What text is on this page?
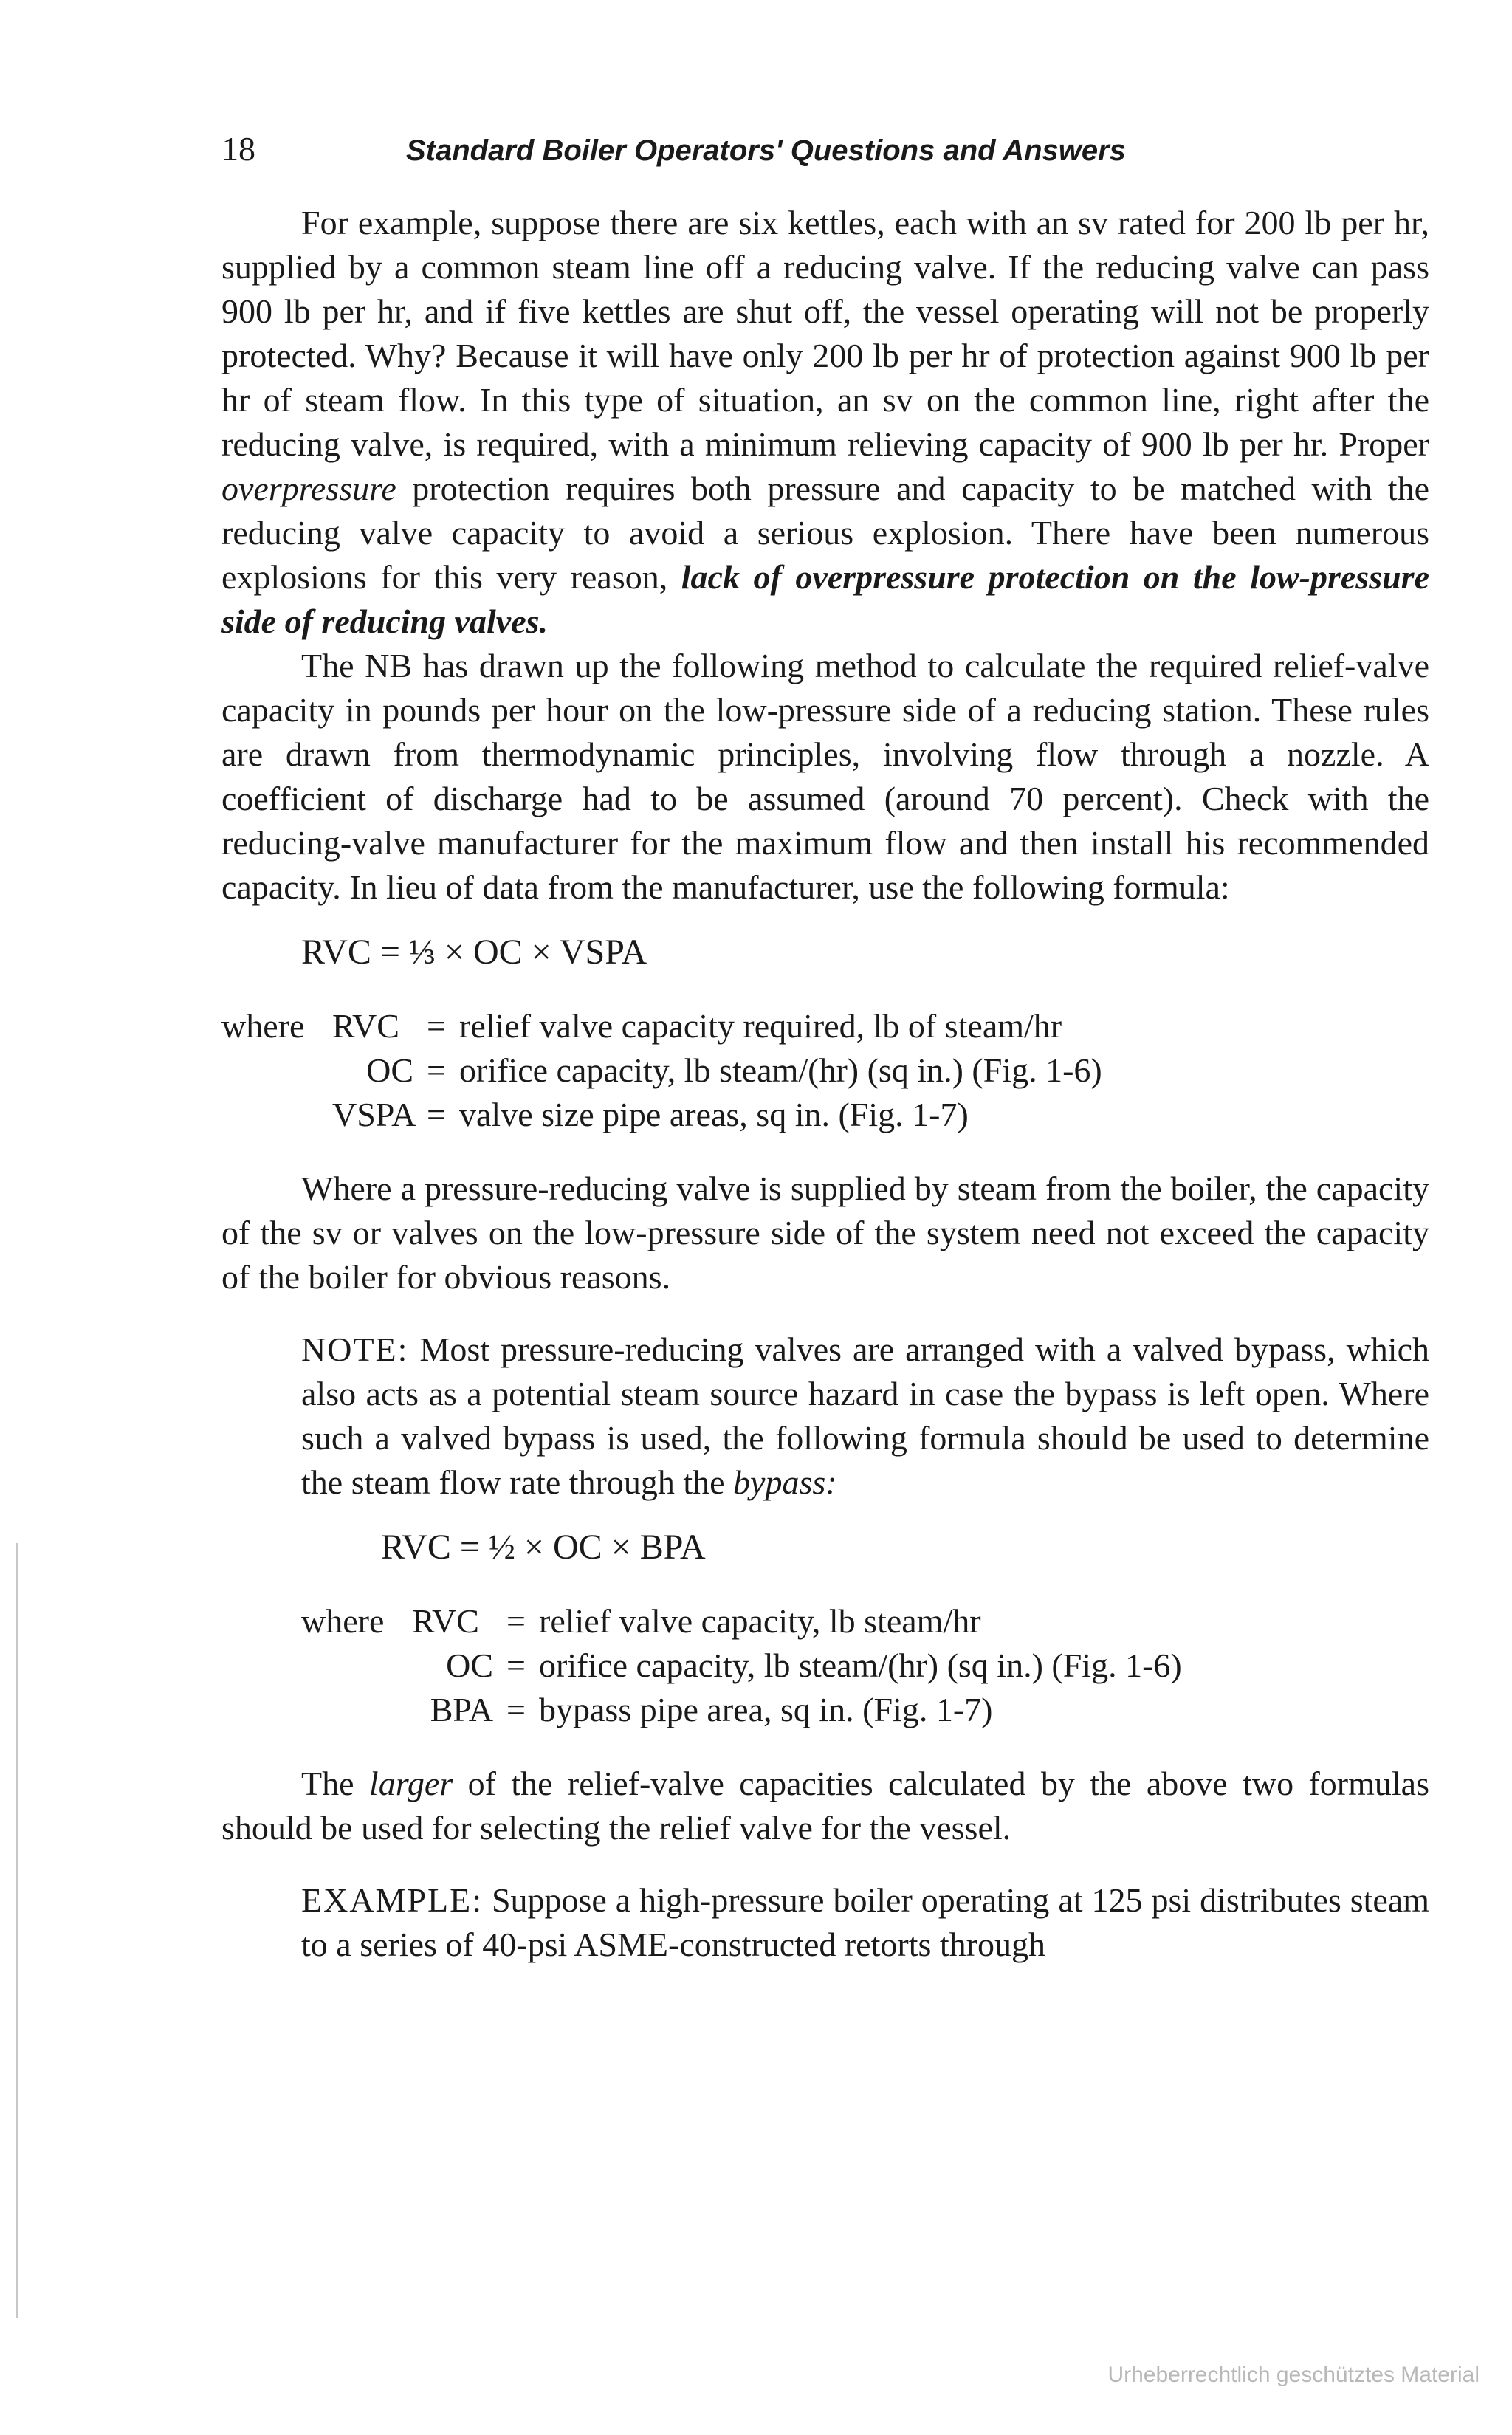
18	Standard Boiler Operators' Questions and Answers

For example, suppose there are six kettles, each with an sv rated for 200 lb per hr, supplied by a common steam line off a reducing valve. If the reducing valve can pass 900 lb per hr, and if five kettles are shut off, the vessel operating will not be properly protected. Why? Because it will have only 200 lb per hr of protection against 900 lb per hr of steam flow. In this type of situation, an sv on the common line, right after the reducing valve, is required, with a minimum relieving capacity of 900 lb per hr. Proper overpressure protection requires both pressure and capacity to be matched with the reducing valve capacity to avoid a serious explosion. There have been numerous explosions for this very reason, lack of overpressure protection on the low-pressure side of reducing valves.

The NB has drawn up the following method to calculate the required relief-valve capacity in pounds per hour on the low-pressure side of a reducing station. These rules are drawn from thermodynamic principles, involving flow through a nozzle. A coefficient of discharge had to be assumed (around 70 percent). Check with the reducing-valve manufacturer for the maximum flow and then install his recommended capacity. In lieu of data from the manufacturer, use the following formula:

RVC = ⅓ × OC × VSPA
where RVC = relief valve capacity required, lb of steam/hr
OC = orifice capacity, lb steam/(hr) (sq in.) (Fig. 1-6)
VSPA = valve size pipe areas, sq in. (Fig. 1-7)

Where a pressure-reducing valve is supplied by steam from the boiler, the capacity of the sv or valves on the low-pressure side of the system need not exceed the capacity of the boiler for obvious reasons.

NOTE: Most pressure-reducing valves are arranged with a valved bypass, which also acts as a potential steam source hazard in case the bypass is left open. Where such a valved bypass is used, the following formula should be used to determine the steam flow rate through the bypass:

RVC = ½ × OC × BPA
where RVC = relief valve capacity, lb steam/hr
OC = orifice capacity, lb steam/(hr) (sq in.) (Fig. 1-6)
BPA = bypass pipe area, sq in. (Fig. 1-7)

The larger of the relief-valve capacities calculated by the above two formulas should be used for selecting the relief valve for the vessel.

EXAMPLE: Suppose a high-pressure boiler operating at 125 psi distributes steam to a series of 40-psi ASME-constructed retorts through

Urheberrechtlich geschütztes Material
